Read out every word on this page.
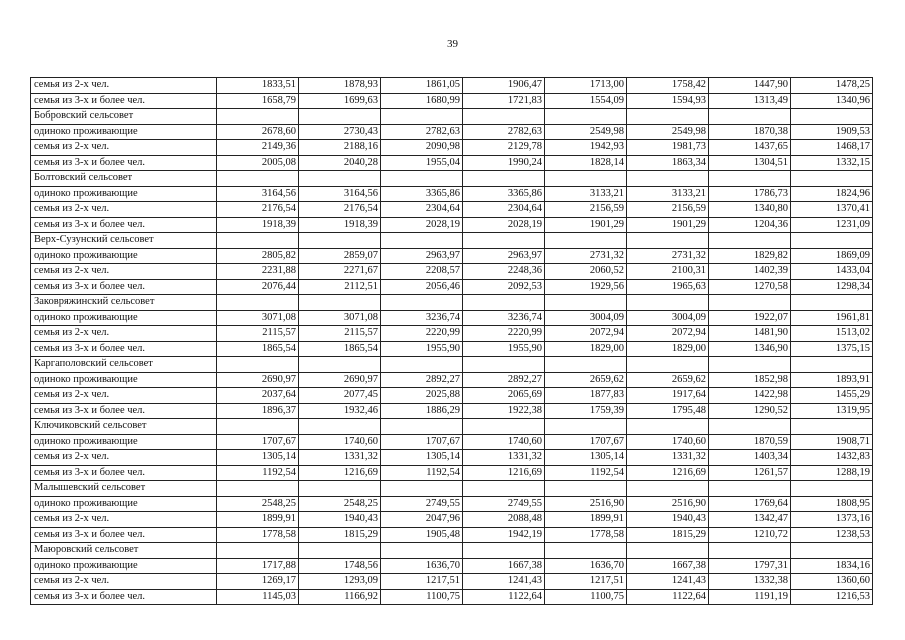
39
семья из 2-х чел.	1833,51	1878,93	1861,05	1906,47	1713,00	1758,42	1447,90	1478,25
семья из 3-х и более чел.	1658,79	1699,63	1680,99	1721,83	1554,09	1594,93	1313,49	1340,96
Бобровский сельсовет								
одиноко проживающие	2678,60	2730,43	2782,63	2782,63	2549,98	2549,98	1870,38	1909,53
семья из 2-х чел.	2149,36	2188,16	2090,98	2129,78	1942,93	1981,73	1437,65	1468,17
семья из 3-х и более чел.	2005,08	2040,28	1955,04	1990,24	1828,14	1863,34	1304,51	1332,15
Болтовский сельсовет								
одиноко проживающие	3164,56	3164,56	3365,86	3365,86	3133,21	3133,21	1786,73	1824,96
семья из 2-х чел.	2176,54	2176,54	2304,64	2304,64	2156,59	2156,59	1340,80	1370,41
семья из 3-х и более чел.	1918,39	1918,39	2028,19	2028,19	1901,29	1901,29	1204,36	1231,09
Верх-Сузунский сельсовет								
одиноко проживающие	2805,82	2859,07	2963,97	2963,97	2731,32	2731,32	1829,82	1869,09
семья из 2-х чел.	2231,88	2271,67	2208,57	2248,36	2060,52	2100,31	1402,39	1433,04
семья из 3-х и более чел.	2076,44	2112,51	2056,46	2092,53	1929,56	1965,63	1270,58	1298,34
Заковряжинский сельсовет								
одиноко проживающие	3071,08	3071,08	3236,74	3236,74	3004,09	3004,09	1922,07	1961,81
семья из 2-х чел.	2115,57	2115,57	2220,99	2220,99	2072,94	2072,94	1481,90	1513,02
семья из 3-х и более чел.	1865,54	1865,54	1955,90	1955,90	1829,00	1829,00	1346,90	1375,15
Каргаполовский сельсовет								
одиноко проживающие	2690,97	2690,97	2892,27	2892,27	2659,62	2659,62	1852,98	1893,91
семья из 2-х чел.	2037,64	2077,45	2025,88	2065,69	1877,83	1917,64	1422,98	1455,29
семья из 3-х и более чел.	1896,37	1932,46	1886,29	1922,38	1759,39	1795,48	1290,52	1319,95
Ключиковский сельсовет								
одиноко проживающие	1707,67	1740,60	1707,67	1740,60	1707,67	1740,60	1870,59	1908,71
семья из 2-х чел.	1305,14	1331,32	1305,14	1331,32	1305,14	1331,32	1403,34	1432,83
семья из 3-х и более чел.	1192,54	1216,69	1192,54	1216,69	1192,54	1216,69	1261,57	1288,19
Малышевский сельсовет								
одиноко проживающие	2548,25	2548,25	2749,55	2749,55	2516,90	2516,90	1769,64	1808,95
семья из 2-х чел.	1899,91	1940,43	2047,96	2088,48	1899,91	1940,43	1342,47	1373,16
семья из 3-х и более чел.	1778,58	1815,29	1905,48	1942,19	1778,58	1815,29	1210,72	1238,53
Маюровский сельсовет								
одиноко проживающие	1717,88	1748,56	1636,70	1667,38	1636,70	1667,38	1797,31	1834,16
семья из 2-х чел.	1269,17	1293,09	1217,51	1241,43	1217,51	1241,43	1332,38	1360,60
семья из 3-х и более чел.	1145,03	1166,92	1100,75	1122,64	1100,75	1122,64	1191,19	1216,53
